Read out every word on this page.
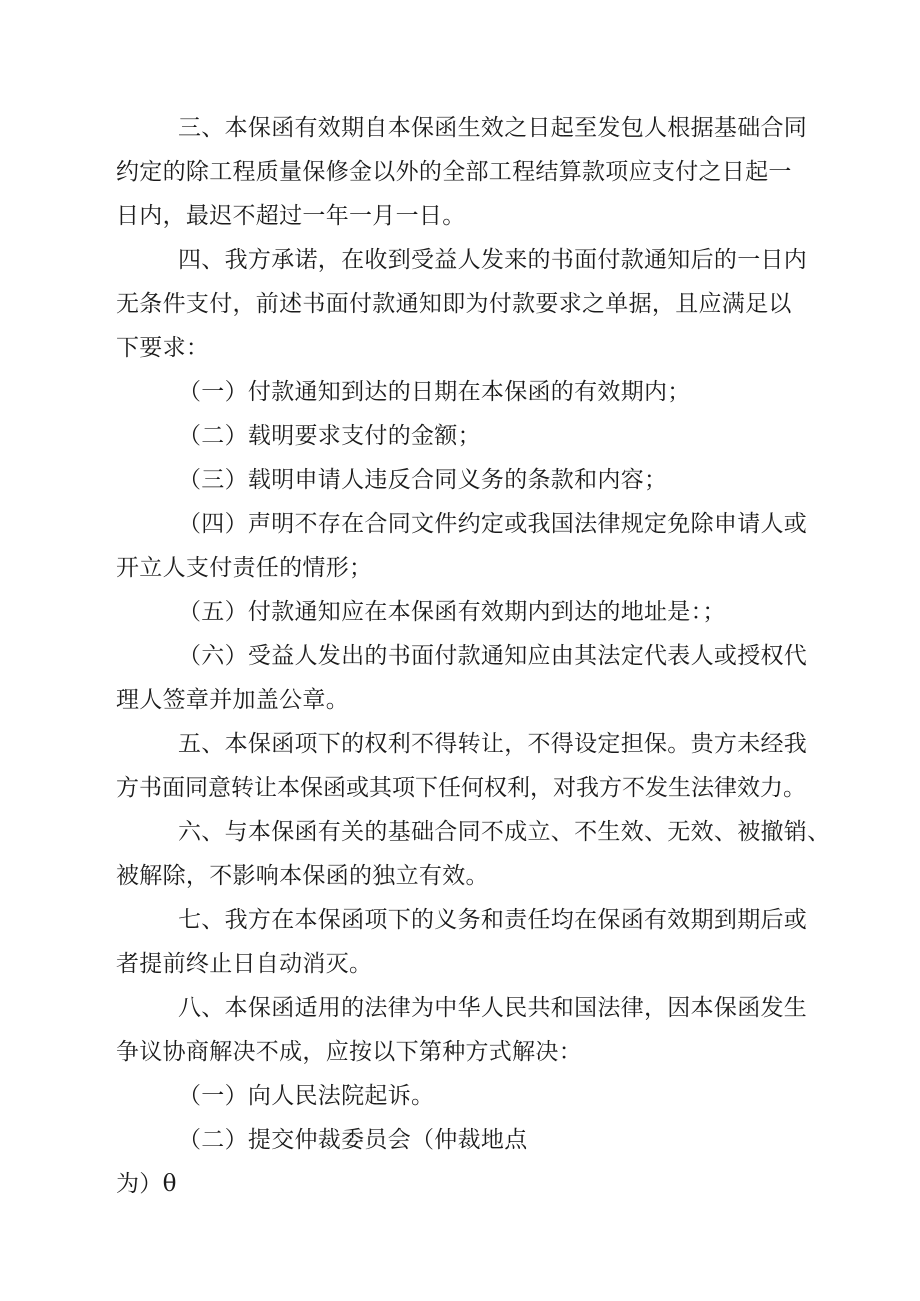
三、本保函有效期自本保函生效之日起至发包人根据基础合同
约定的除工程质量保修金以外的全部工程结算款项应支付之日起一
日内，最迟不超过一年一月一日。
四、我方承诺，在收到受益人发来的书面付款通知后的一日内
无条件支付，前述书面付款通知即为付款要求之单据，且应满足以
下要求：
（一）付款通知到达的日期在本保函的有效期内；
（二）载明要求支付的金额；
（三）载明申请人违反合同义务的条款和内容；
（四）声明不存在合同文件约定或我国法律规定免除申请人或
开立人支付责任的情形；
（五）付款通知应在本保函有效期内到达的地址是：；
（六）受益人发出的书面付款通知应由其法定代表人或授权代
理人签章并加盖公章。
五、本保函项下的权利不得转让，不得设定担保。贵方未经我
方书面同意转让本保函或其项下任何权利，对我方不发生法律效力。
六、与本保函有关的基础合同不成立、不生效、无效、被撤销、
被解除，不影响本保函的独立有效。
七、我方在本保函项下的义务和责任均在保函有效期到期后或
者提前终止日自动消灭。
八、本保函适用的法律为中华人民共和国法律，因本保函发生
争议协商解决不成，应按以下第种方式解决：
（一）向人民法院起诉。
（二）提交仲裁委员会（仲裁地点
为）θ
